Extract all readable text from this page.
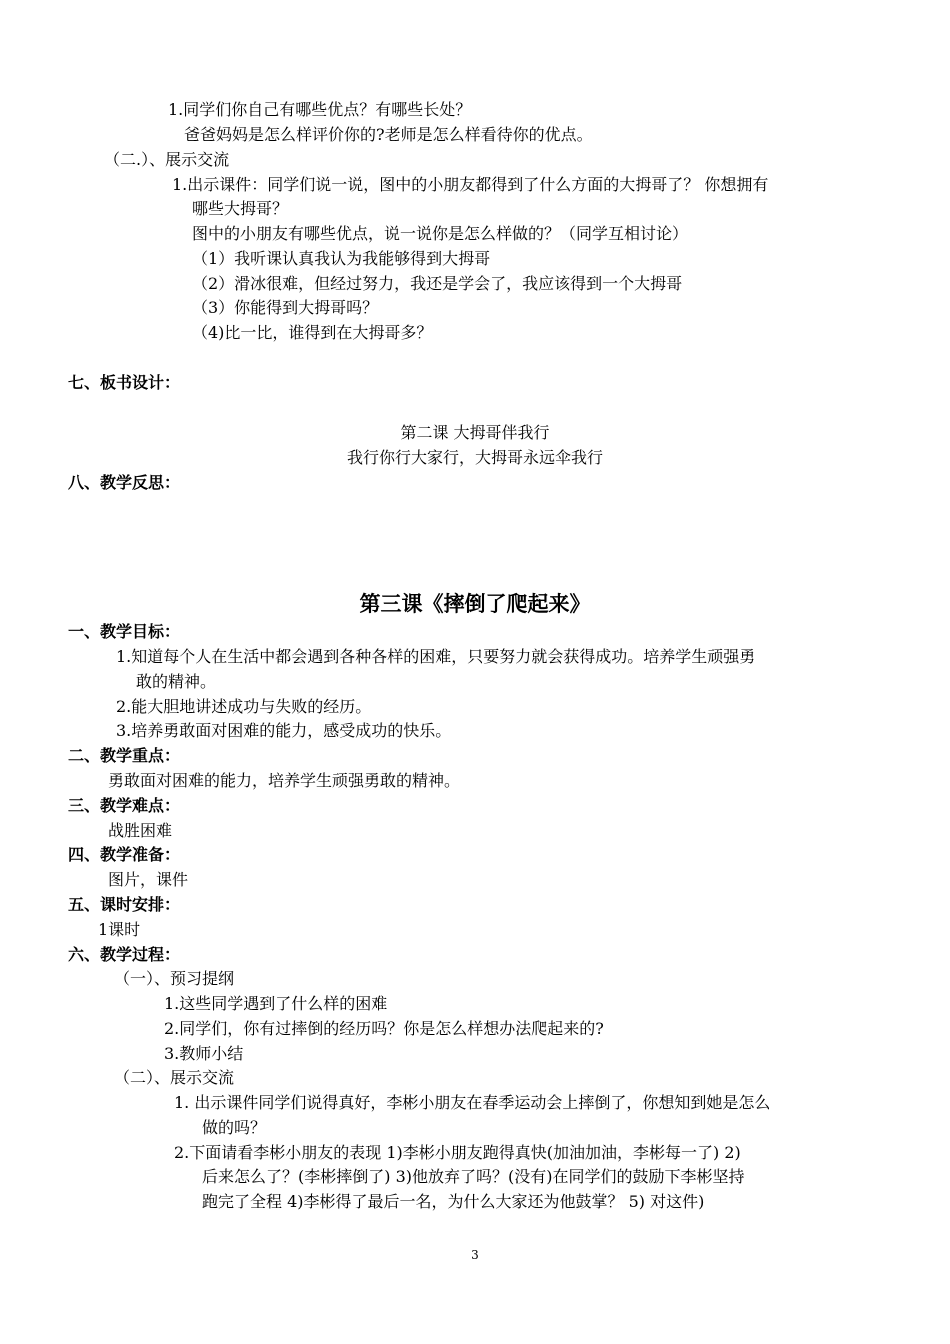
1.同学们你自己有哪些优点？有哪些长处？
爸爸妈妈是怎么样评价你的?老师是怎么样看待你的优点。
（二.）、展示交流
1.出示课件：同学们说一说，图中的小朋友都得到了什么方面的大拇哥了？ 你想拥有
哪些大拇哥？
图中的小朋友有哪些优点，说一说你是怎么样做的？（同学互相讨论）
（1）我听课认真我认为我能够得到大拇哥
（2）滑冰很难，但经过努力，我还是学会了，我应该得到一个大拇哥
（3）你能得到大拇哥吗？
（4)比一比，谁得到在大拇哥多？
七、板书设计：
第二课 大拇哥伴我行
我行你行大家行，大拇哥永远伞我行
八、教学反思：
第三课《摔倒了爬起来》
一、教学目标：
1.知道每个人在生活中都会遇到各种各样的困难，只要努力就会获得成功。培养学生顽强勇
敢的精神。
2.能大胆地讲述成功与失败的经历。
3.培养勇敢面对困难的能力，感受成功的快乐。
二、教学重点：
勇敢面对困难的能力，培养学生顽强勇敢的精神。
三、教学难点：
战胜困难
四、教学准备：
图片，课件
五、课时安排：
1课时
六、教学过程：
（一）、预习提纲
1.这些同学遇到了什么样的困难
2.同学们，你有过摔倒的经历吗？你是怎么样想办法爬起来的?
3.教师小结
（二）、展示交流
1. 出示课件同学们说得真好，李彬小朋友在春季运动会上摔倒了，你想知到她是怎么
做的吗？
2.下面请看李彬小朋友的表现 1)李彬小朋友跑得真快(加油加油，李彬每一了) 2)
后来怎么了？(李彬摔倒了) 3)他放弃了吗？(没有)在同学们的鼓励下李彬坚持
跑完了全程 4)李彬得了最后一名，为什么大家还为他鼓掌？ 5) 对这件)
3
